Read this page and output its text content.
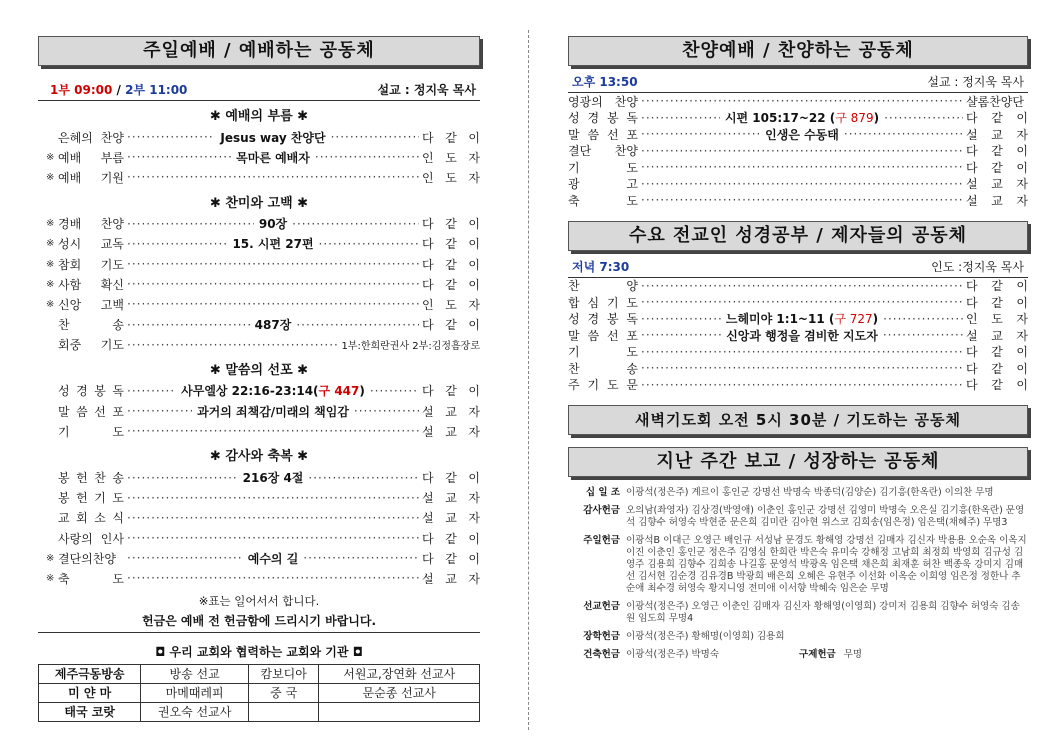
주일예배 / 예배하는 공동체
1부 09:00 / 2부 11:00	설교 : 정지욱 목사
✱ 예배의 부름 ✱
은혜의 찬양 ·····	Jesus way 찬양단 ·····	다 같 이
※ 예배 부름 ·····	목마른 예배자 ·····	인 도 자
※ 예배 기원 ·····	인 도 자
✱ 찬미와 고백 ✱
※ 경배 찬양 ·····	90장 ·····	다 같 이
※ 성시 교독 ·····	15. 시편 27편 ·····	다 같 이
※ 참회 기도 ·····	다 같 이
※ 사함 확신 ·····	다 같 이
※ 신앙 고백 ·····	인 도 자
찬 송 ·····	487장 ·····	다 같 이
회중 기도 ·····	1부:한희란권사 2부:김정흠장로
✱ 말씀의 선포 ✱
성 경 봉 독 ·····	사무엘상 22:16-23:14(구 447) ·····	다 같 이
말 씀 선 포 ·····	과거의 죄책감/미래의 책임감 ·····	설 교 자
기 도 ·····	설 교 자
✱ 감사와 축복 ✱
봉 헌 찬 송 ·····	216장 4절 ·····	다 같 이
봉 헌 기 도 ·····	설 교 자
교 회 소 식 ·····	설 교 자
사랑의 인사 ·····	다 같 이
※ 결단의찬양 ·····	예수의 길 ·····	다 같 이
※ 축 도 ·····	설 교 자
※표는 일어서서 합니다.
헌금은 예배 전 헌금함에 드리시기 바랍니다.
◘ 우리 교회와 협력하는 교회와 기관 ◘
제주극동방송	방송 선교	캄보디아	서원교,장연화 선교사
미 얀 마	마메때레피	중 국	문순종 선교사
태국 코랏	권오숙 선교사		
찬양예배 / 찬양하는 공동체
오후 13:50	설교 : 정지욱 목사
영광의 찬양 ·····	샬롬찬양단
성 경 봉 독 ·····	시편 105:17~22 (구 879) ·····	다 같 이
말 씀 선 포 ·····	인생은 수동태 ·····	설 교 자
결단 찬양 ·····	다 같 이
기 도 ·····	다 같 이
광 고 ·····	설 교 자
축 도 ·····	설 교 자
수요 전교인 성경공부 / 제자들의 공동체
저녁 7:30	인도 :정지욱 목사
찬 양 ·····	다 같 이
합 심 기 도 ·····	다 같 이
성 경 봉 독 ·····	느헤미야 1:1~11 (구 727) ·····	인 도 자
말 씀 선 포 ·····	신앙과 행정을 겸비한 지도자 ·····	설 교 자
기 도 ·····	다 같 이
찬 송 ·····	다 같 이
주 기 도 문 ·····	다 같 이
새벽기도회 오전 5시 30분 / 기도하는 공동체
지난 주간 보고 / 성장하는 공동체
십 일 조 이광석(정은주) 계르이 홍인군 강명선 박명숙 박종덕(김양순) 김기흥(한옥란) 이의찬 무명
감사헌금 오의남(좌영자) 김상경(박영애) 이춘인 홍인군 강명선 김영미 박명숙 오은실 김기흥(한옥란) 문영석 김향수 허영숙 박현준 문은희 김미란 김아현 위스코 김희송(임은정) 임은택(채혜주) 무명3
주일헌금 이광석B 이대근 오영근 배인규 서성남 문경도 황해영 강명선 김매자 김신자 박용용 오순옥 이옥지 이진 이춘인 홍인군 정은주 김영심 한희란 박은숙 유미숙 강해정 고남희 최정희 박영희 김규성 김영주 김용희 김향수 김희송 나길홍 문영석 박광옥 임은택 채은희 최재훈 허찬 백종욱 강미지 김매선 김서현 김순경 김유경B 박광희 배은희 오혜은 유현주 이선화 이옥순 이희영 임은정 정한나 추순애 최수경 허영숙 황지니영 전미애 이서향 박혜숙 임은순 무명
선교헌금 이광석(정은주) 오영근 이춘인 김매자 김신자 황해영(이영희) 강미저 김용희 김향수 허영숙 김송원 임도희 무명4
장학헌금 이광석(정은주) 황해명(이영희) 김용희
건축헌금 이광석(정은주) 박명숙	구제헌금 무명
